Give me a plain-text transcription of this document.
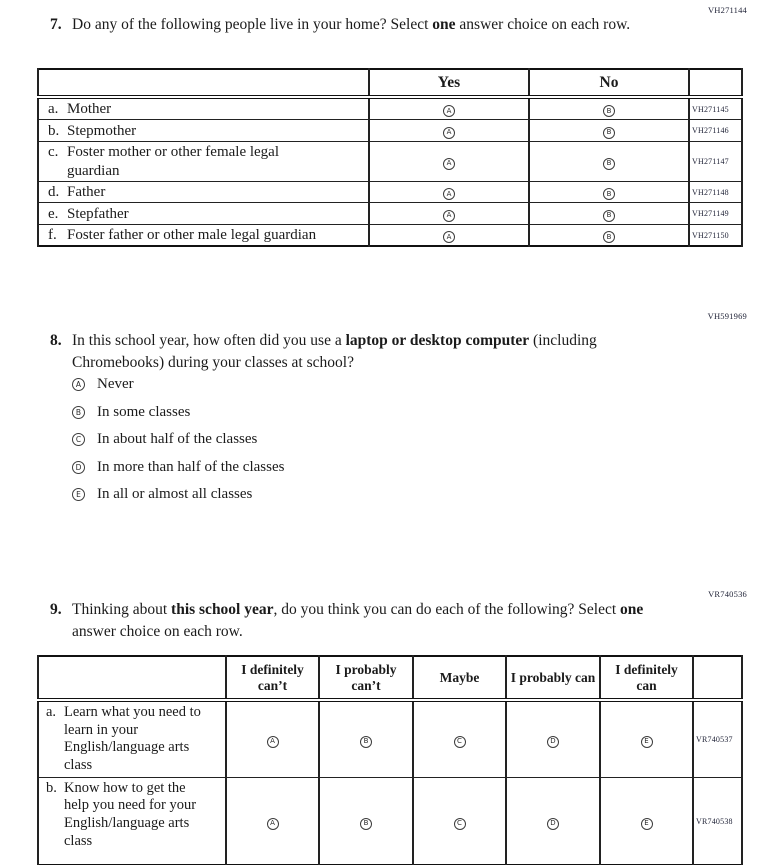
VH271144
7. Do any of the following people live in your home? Select one answer choice on each row.
	Yes	No	

a. Mother	A	B	VH271145

b. Stepmother	A	B	VH271146

c. Foster mother or other female legal guardian	A	B	VH271147

d. Father	A	B	VH271148

e. Stepfather	A	B	VH271149

f. Foster father or other male legal guardian	A	B	VH271150
VH591969
8. In this school year, how often did you use a laptop or desktop computer (including Chromebooks) during your classes at school?
A Never
B In some classes
C In about half of the classes
D In more than half of the classes
E In all or almost all classes
VR740536
9. Thinking about this school year, do you think you can do each of the following? Select one answer choice on each row.
	I definitely can’t	I probably can’t	Maybe	I probably can	I definitely can	

a. Learn what you need to learn in your English/language arts class	A	B	C	D	E	VR740537

b. Know how to get the help you need for your English/language arts class	A	B	C	D	E	VR740538
